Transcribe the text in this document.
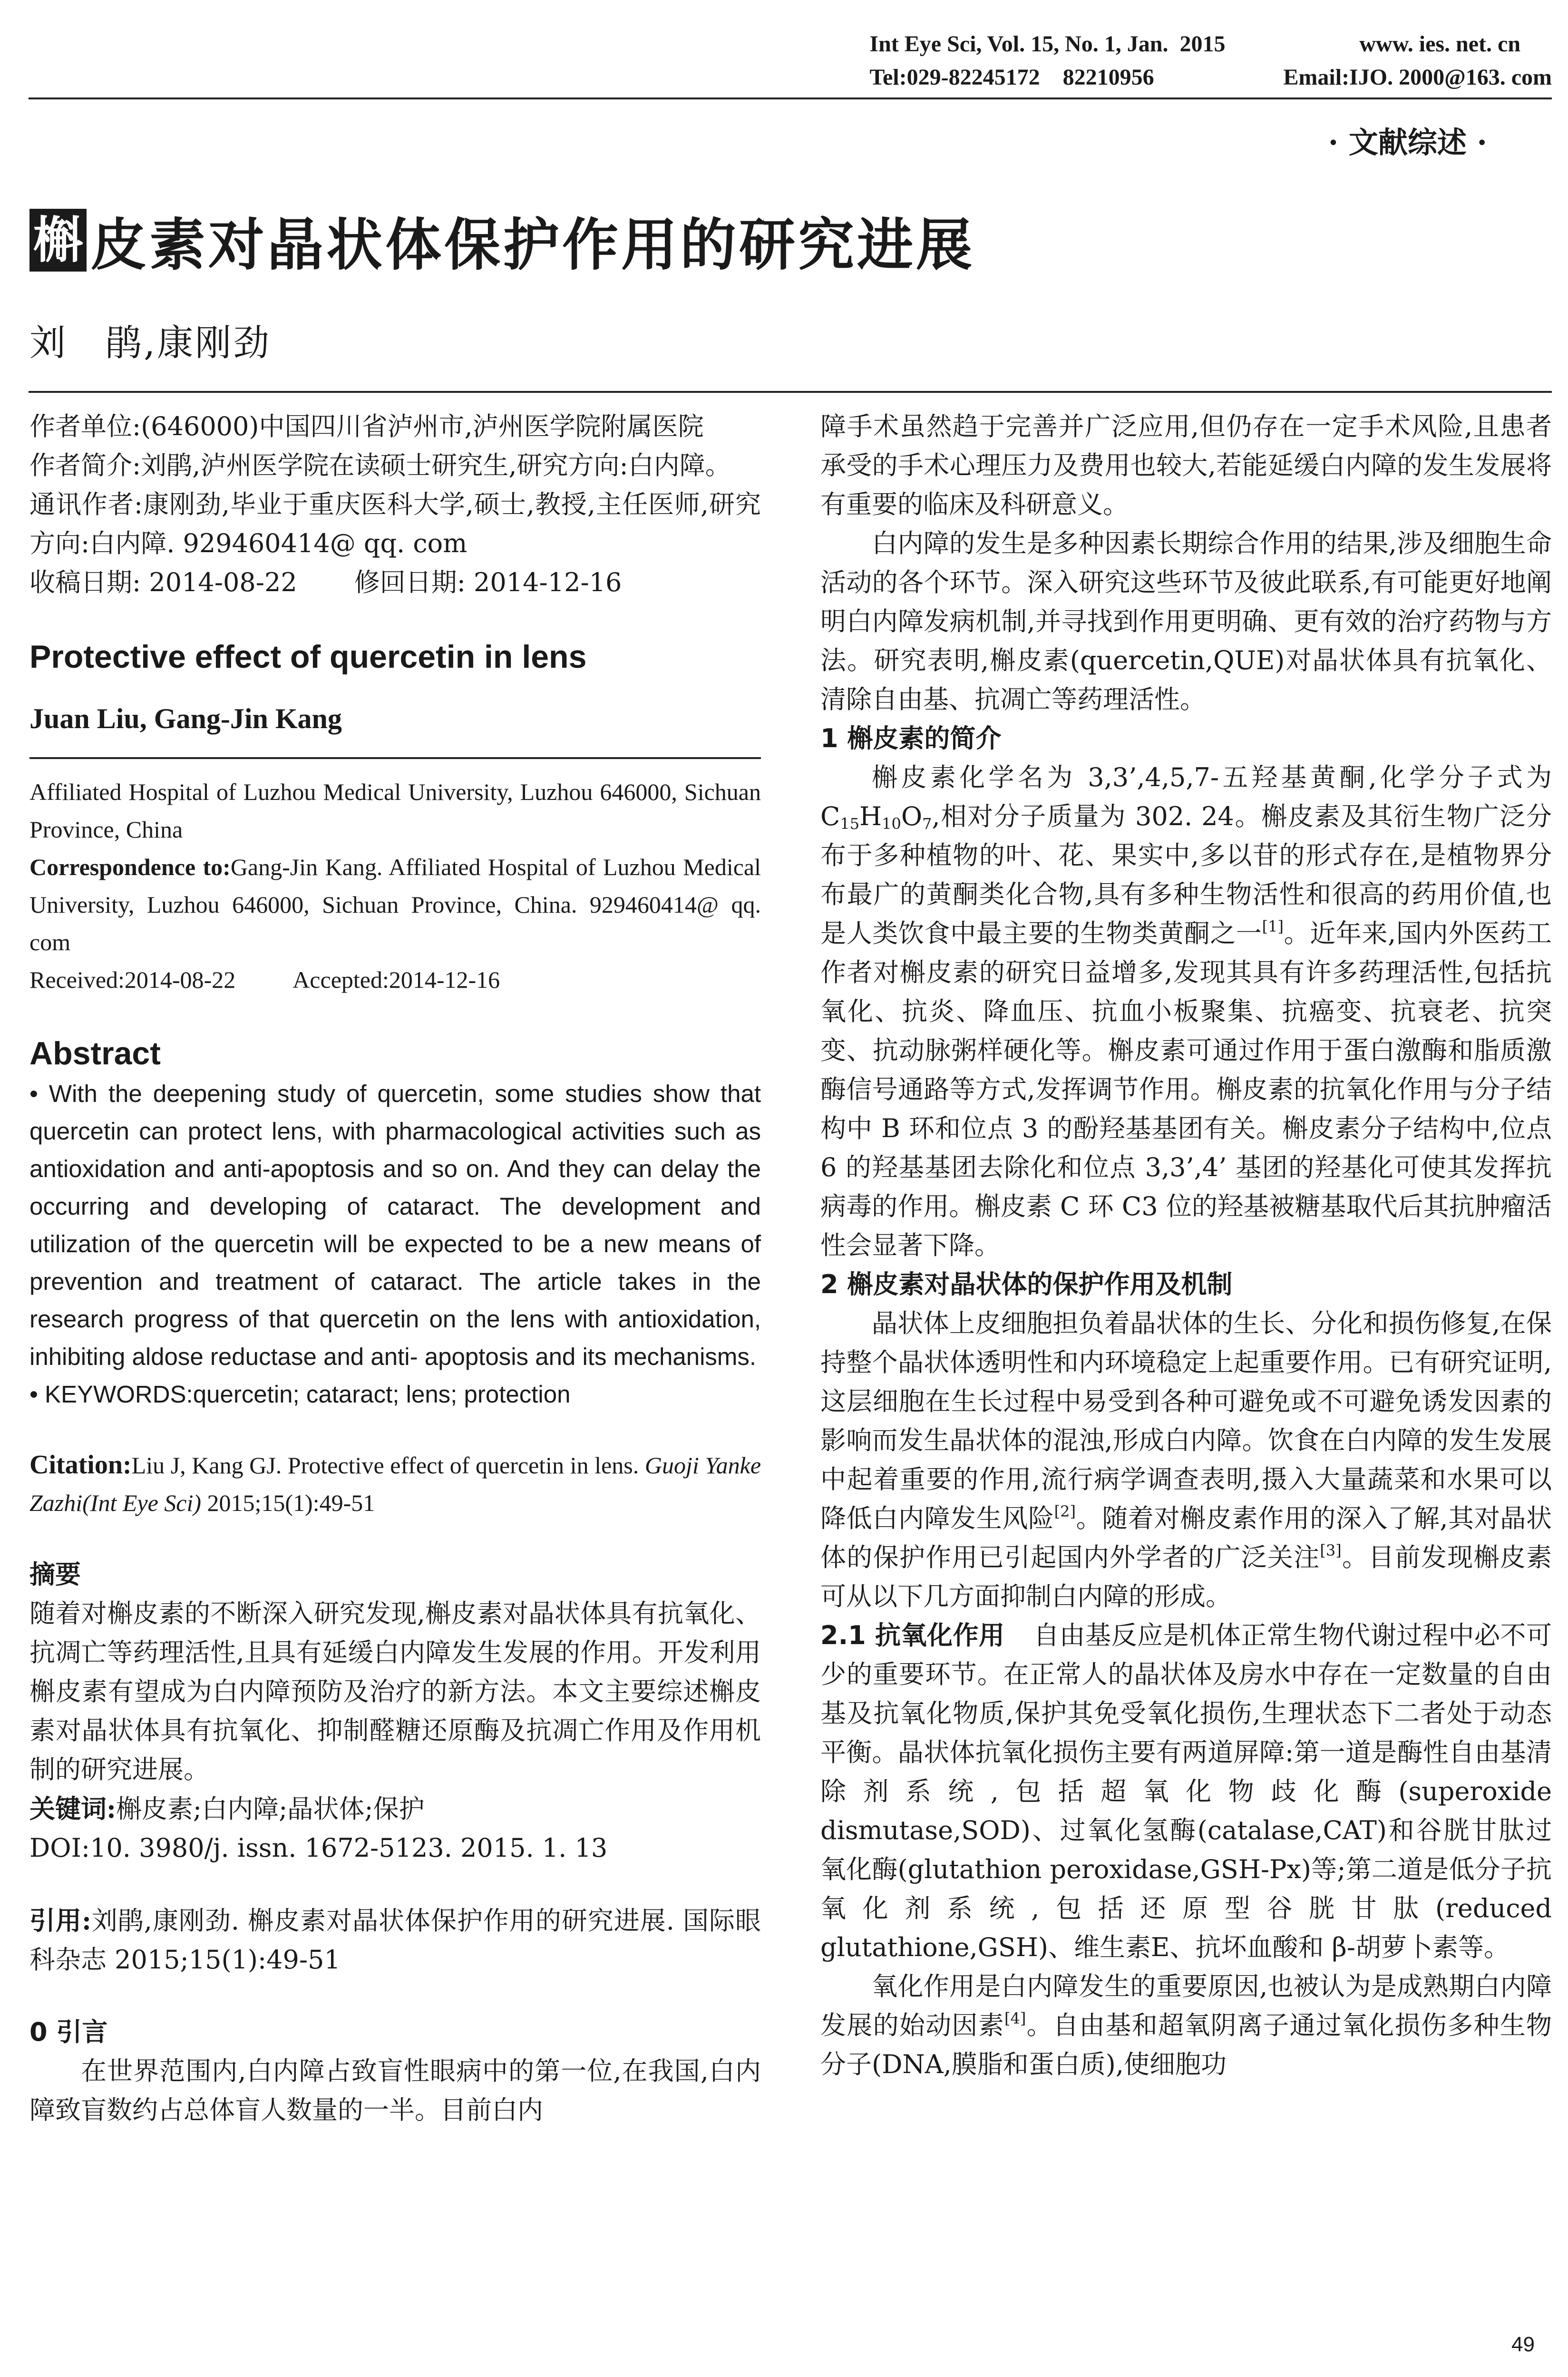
Int Eye Sci, Vol. 15, No. 1, Jan.  2015	www. ies. net. cn
Tel:029-82245172    82210956	Email:IJO. 2000@163. com
· 文献综述 ·
槲 皮素对晶状体保护作用的研究进展
刘　鹃,康刚劲

作者单位:(646000)中国四川省泸州市,泸州医学院附属医院

作者简介:刘鹃,泸州医学院在读硕士研究生,研究方向:白内障。

通讯作者:康刚劲,毕业于重庆医科大学,硕士,教授,主任医师,研究方向:白内障. 929460414@ qq. com

收稿日期: 2014-08-22 修回日期: 2014-12-16

Protective effect of quercetin in lens
Juan Liu, Gang-Jin Kang

Affiliated Hospital of Luzhou Medical University, Luzhou 646000, Sichuan Province, China

Correspondence to:Gang-Jin Kang. Affiliated Hospital of Luzhou Medical University, Luzhou 646000, Sichuan Province, China. 929460414@ qq. com

Received:2014-08-22 Accepted:2014-12-16

Abstract

• With the deepening study of quercetin, some studies show that quercetin can protect lens, with pharmacological activities such as antioxidation and anti-apoptosis and so on. And they can delay the occurring and developing of cataract. The development and utilization of the quercetin will be expected to be a new means of prevention and treatment of cataract. The article takes in the research progress of that quercetin on the lens with antioxidation, inhibiting aldose reductase and anti- apoptosis and its mechanisms.

• KEYWORDS:quercetin; cataract; lens; protection

Citation:Liu J, Kang GJ. Protective effect of quercetin in lens. Guoji Yanke Zazhi(Int Eye Sci) 2015;15(1):49-51
摘要

随着对槲皮素的不断深入研究发现,槲皮素对晶状体具有抗氧化、抗凋亡等药理活性,且具有延缓白内障发生发展的作用。开发利用槲皮素有望成为白内障预防及治疗的新方法。本文主要综述槲皮素对晶状体具有抗氧化、抑制醛糖还原酶及抗凋亡作用及作用机制的研究进展。

关键词:槲皮素;白内障;晶状体;保护

DOI:10. 3980/j. issn. 1672-5123. 2015. 1. 13

引用:刘鹃,康刚劲. 槲皮素对晶状体保护作用的研究进展. 国际眼科杂志 2015;15(1):49-51

0 引言

在世界范围内,白内障占致盲性眼病中的第一位,在我国,白内障致盲数约占总体盲人数量的一半。目前白内

障手术虽然趋于完善并广泛应用,但仍存在一定手术风险,且患者承受的手术心理压力及费用也较大,若能延缓白内障的发生发展将有重要的临床及科研意义。

白内障的发生是多种因素长期综合作用的结果,涉及细胞生命活动的各个环节。深入研究这些环节及彼此联系,有可能更好地阐明白内障发病机制,并寻找到作用更明确、更有效的治疗药物与方法。研究表明,槲皮素(quercetin,QUE)对晶状体具有抗氧化、清除自由基、抗凋亡等药理活性。

1 槲皮素的简介

槲皮素化学名为 3,3’,4,5,7-五羟基黄酮,化学分子式为 $C_{15}H_{10}O_7$,相对分子质量为 302. 24。槲皮素及其衍生物广泛分布于多种植物的叶、花、果实中,多以苷的形式存在,是植物界分布最广的黄酮类化合物,具有多种生物活性和很高的药用价值,也是人类饮食中最主要的生物类黄酮之一[1]。近年来,国内外医药工作者对槲皮素的研究日益增多,发现其具有许多药理活性,包括抗氧化、抗炎、降血压、抗血小板聚集、抗癌变、抗衰老、抗突变、抗动脉粥样硬化等。槲皮素可通过作用于蛋白激酶和脂质激酶信号通路等方式,发挥调节作用。槲皮素的抗氧化作用与分子结构中 B 环和位点 3 的酚羟基基团有关。槲皮素分子结构中,位点 6 的羟基基团去除化和位点 3,3’,4’ 基团的羟基化可使其发挥抗病毒的作用。槲皮素 C 环 C3 位的羟基被糖基取代后其抗肿瘤活性会显著下降。

2 槲皮素对晶状体的保护作用及机制

晶状体上皮细胞担负着晶状体的生长、分化和损伤修复,在保持整个晶状体透明性和内环境稳定上起重要作用。已有研究证明,这层细胞在生长过程中易受到各种可避免或不可避免诱发因素的影响而发生晶状体的混浊,形成白内障。饮食在白内障的发生发展中起着重要的作用,流行病学调查表明,摄入大量蔬菜和水果可以降低白内障发生风险[2]。随着对槲皮素作用的深入了解,其对晶状体的保护作用已引起国内外学者的广泛关注[3]。目前发现槲皮素可从以下几方面抑制白内障的形成。

2.1 抗氧化作用 自由基反应是机体正常生物代谢过程中必不可少的重要环节。在正常人的晶状体及房水中存在一定数量的自由基及抗氧化物质,保护其免受氧化损伤,生理状态下二者处于动态平衡。晶状体抗氧化损伤主要有两道屏障:第一道是酶性自由基清除剂系统,包括超氧化物歧化酶(superoxide dismutase,SOD)、过氧化氢酶(catalase,CAT)和谷胱甘肽过氧化酶(glutathion peroxidase,GSH-Px)等;第二道是低分子抗氧化剂系统,包括还原型谷胱甘肽(reduced glutathione,GSH)、维生素E、抗坏血酸和 β-胡萝卜素等。

氧化作用是白内障发生的重要原因,也被认为是成熟期白内障发展的始动因素[4]。自由基和超氧阴离子通过氧化损伤多种生物分子(DNA,膜脂和蛋白质),使细胞功

49
